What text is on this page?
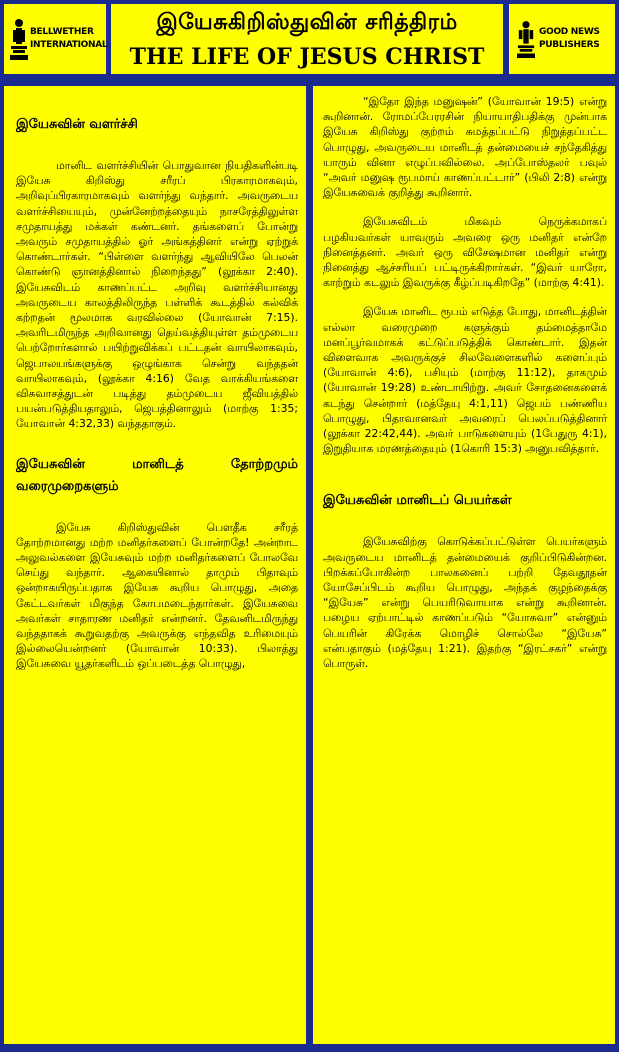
BELLWETHER
INTERNATIONAL
இயேசுகிறிஸ்துவின் சரித்திரம்
THE LIFE OF JESUS CHRIST
GOOD NEWS
PUBLISHERS
இயேசுவின் வளர்ச்சி

மானிட வளர்ச்சியின் பொதுவான நியதிகளின்படி இயேசு கிறிஸ்து சரீரப் பிரகாரமாகவும், அறிவுப்பிரகாரமாகவும் வளர்ந்து வந்தார். அவருடைய வளர்ச்சியையும், முன்னேற்றத்தையும் நாசரேத்திலுள்ள சமுதாயத்து மக்கள் கண்டனர். தங்களைப் போன்று அவரும் சமுதாயத்தில் ஓர் அங்கத்தினர் என்று ஏற்றுக் கொண்டார்கள். “பிள்ளை வளர்ந்து ஆவியிலே பெலன் கொண்டு ஞானத்தினால் நிறைந்தது” (லூக்கா 2:40). இயேசுவிடம் காணப்பட்ட அறிவு வளர்ச்சியானது அவருடைய காலத்திலிருந்த பள்ளிக் கூடத்தில் கல்விக் கற்றதன் மூலமாக வரவில்லை (யோவான் 7:15). அவரிடமிருந்த அறிவானது தெய்வத்தியுள்ள தம்முடைய பெற்றோர்களால் பயிற்றுவிக்கப் பட்டதன் வாயிலாகவும், ஜெபாலயங்களுக்கு ஒழுங்காக சென்று வந்ததன் வாயிலாகவும், (லூக்கா 4:16) வேத வாக்கியங்களை விசுவாசத்துடன் படித்து தம்முடைய ஜீவியத்தில் பயன்படுத்தியதாலும், ஜெபத்தினாலும் (மாற்கு 1:35; யோவான் 4:32,33) வந்ததாகும்.

இயேசுவின் மானிடத் தோற்றமும் வரைமுறைகளும்

இயேசு கிறிஸ்துவின் பௌதீக சரீரத் தோற்றமானது மற்ற மனிதர்களைப் போன்றதே! அன்றாட அலுவல்களை இயேசுவும் மற்ற மனிதர்களைப் போலவே செய்து வந்தார். ஆகையினால் தாமும் பிதாவும் ஒன்றாகயிருப்பதாக இயேசு கூறிய பொழுது, அதை கேட்டவர்கள் மிகுந்த கோபமடைந்தார்கள். இயேசுவை அவர்கள் சாதாரண மனிதர் என்றனர். தேவனிடமிருந்து வந்ததாகக் கூறுவதற்கு அவருக்கு எந்தவித உரிமையும் இல்லையென்றனர் (யோவான் 10:33). பிலாத்து இயேசுவை யூதர்களிடம் ஒப்படைத்த பொழுது,

“இதோ இந்த மனுஷன்” (யோவான் 19:5) என்று கூறினான். ரோமப்பேரரசின் நியாயாதிபதிக்கு முன்பாக இயேசு கிறிஸ்து குற்றம் சுமத்தப்பட்டு நிறுத்தப்பட்ட பொழுது, அவருடைய மானிடத் தன்மையைச் சந்தேகித்து யாரும் வினா எழுப்பவில்லை. அப்போஸ்தலர் பவுல் “அவர் மனுஷ ரூபமாய் காணப்பட்டார்” (பிலி 2:8) என்று இயேசுவைக் குறித்து கூறினார்.

இயேசுவிடம் மிகவும் நெருக்கமாகப் பழகியவர்கள் யாவரும் அவரை ஒரு மனிதர் என்றே நினைத்தனர். அவர் ஒரு விசேஷமான மனிதர் என்று நினைத்து ஆச்சரியப் பட்டிருக்கிறார்கள். “இவர் யாரோ, காற்றும் கடலும் இவருக்கு கீழ்ப்படிகிறதே” (மாற்கு 4:41).

இயேசு மானிட ரூபம் எடுத்த போது, மானிடத்தின் எல்லா வரைமுறை களுக்கும் தம்மைத்தாமே மனப்பூர்வமாகக் கட்டுப்படுத்திக் கொண்டார். இதன் விளைவாக அவருக்குச் சிலவேளைகளில் களைப்பும் (யோவான் 4:6), பசியும் (மாற்கு 11:12), தாகமும் (யோவான் 19:28) உண்டாயிற்று. அவர் சோதனைகளைக் கடந்து சென்றார் (மத்தேயு 4:1,11) ஜெபம் பண்ணிய பொழுது, பிதாவானவர் அவரைப் பெலப்படுத்தினார் (லூக்கா 22:42,44). அவர் பாடுகளையும் (1பேதுரு 4:1), இறுதியாக மரணத்தையும் (1கொரி 15:3) அனுபவித்தார்.

இயேசுவின் மானிடப் பெயர்கள்

இயேசுவிற்கு கொடுக்கப்பட்டுள்ள பெயர்களும் அவருடைய மானிடத் தன்மையைக் குறிப்பிடுகின்றன. பிறக்கப்போகின்ற பாலகனைப் பற்றி தேவதூதன் யோசேப்பிடம் கூறிய பொழுது, அந்தக் குழந்தைக்கு “இயேசு” என்று பெயரிடுவாயாக என்று கூறினான். பழைய ஏற்பாட்டில் காணப்படும் “யோசுவா” என்னும் பெயரின் கிரேக்க மொழிச் சொல்லே “இயேசு” என்பதாகும் (மத்தேயு 1:21). இதற்கு “இரட்சகர்” என்று பொருள்.
